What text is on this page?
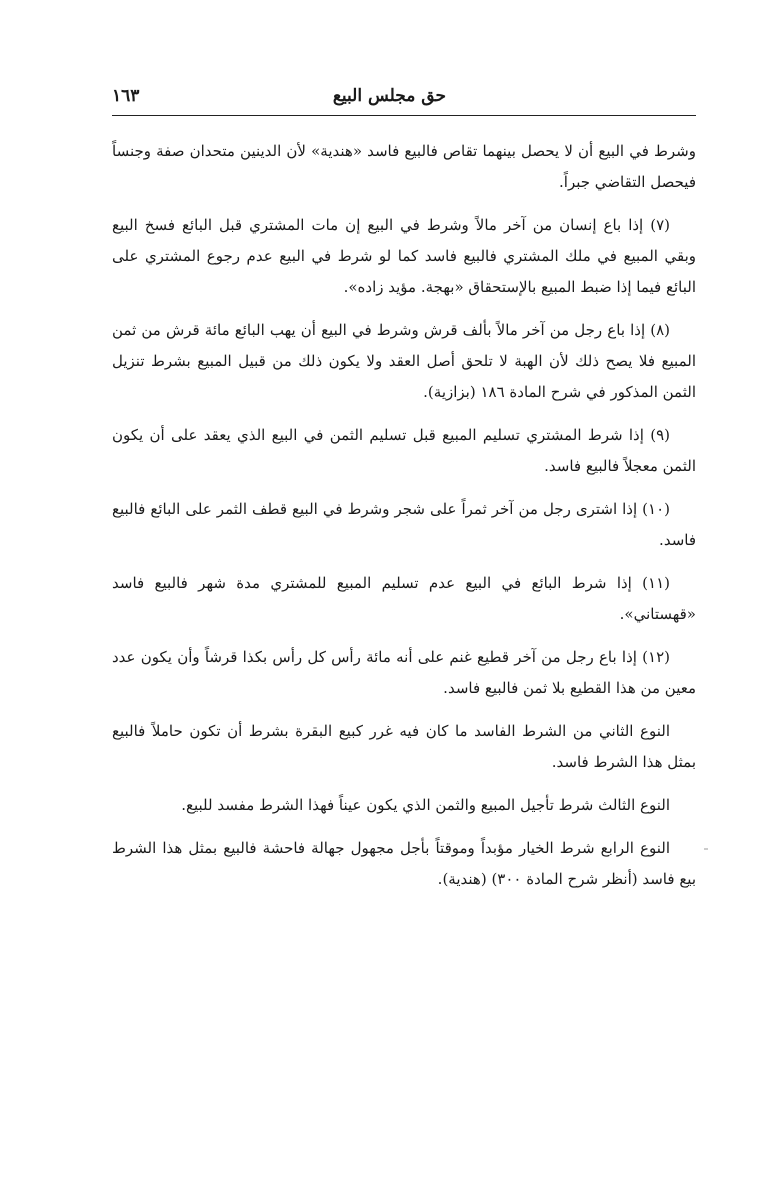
حق مجلس البيع
١٦٣

وشرط في البيع أن لا يحصل بينهما تقاص فالبيع فاسد «هندية» لأن الدينين متحدان صفة وجنساً فيحصل التقاضي جبراً.

(٧) إذا باع إنسان من آخر مالاً وشرط في البيع إن مات المشتري قبل البائع فسخ البيع وبقي المبيع في ملك المشتري فالبيع فاسد كما لو شرط في البيع عدم رجوع المشتري على البائع فيما إذا ضبط المبيع بالإستحقاق «بهجة. مؤيد زاده».

(٨) إذا باع رجل من آخر مالاً بألف قرش وشرط في البيع أن يهب البائع مائة قرش من ثمن المبيع فلا يصح ذلك لأن الهبة لا تلحق أصل العقد ولا يكون ذلك من قبيل المبيع بشرط تنزيل الثمن المذكور في شرح المادة ١٨٦ (بزازية).

(٩) إذا شرط المشتري تسليم المبيع قبل تسليم الثمن في البيع الذي يعقد على أن يكون الثمن معجلاً فالبيع فاسد.

(١٠) إذا اشترى رجل من آخر ثمراً على شجر وشرط في البيع قطف الثمر على البائع فالبيع فاسد.

(١١) إذا شرط البائع في البيع عدم تسليم المبيع للمشتري مدة شهر فالبيع فاسد «قهستاني».

(١٢) إذا باع رجل من آخر قطيع غنم على أنه مائة رأس كل رأس بكذا قرشاً وأن يكون عدد معين من هذا القطيع بلا ثمن فالبيع فاسد.

النوع الثاني من الشرط الفاسد ما كان فيه غرر كبيع البقرة بشرط أن تكون حاملاً فالبيع بمثل هذا الشرط فاسد.

النوع الثالث شرط تأجيل المبيع والثمن الذي يكون عيناً فهذا الشرط مفسد للبيع.

النوع الرابع شرط الخيار مؤبداً وموقتاً بأجل مجهول جهالة فاحشة فالبيع بمثل هذا الشرط بيع فاسد (أنظر شرح المادة ٣٠٠) (هندية).
